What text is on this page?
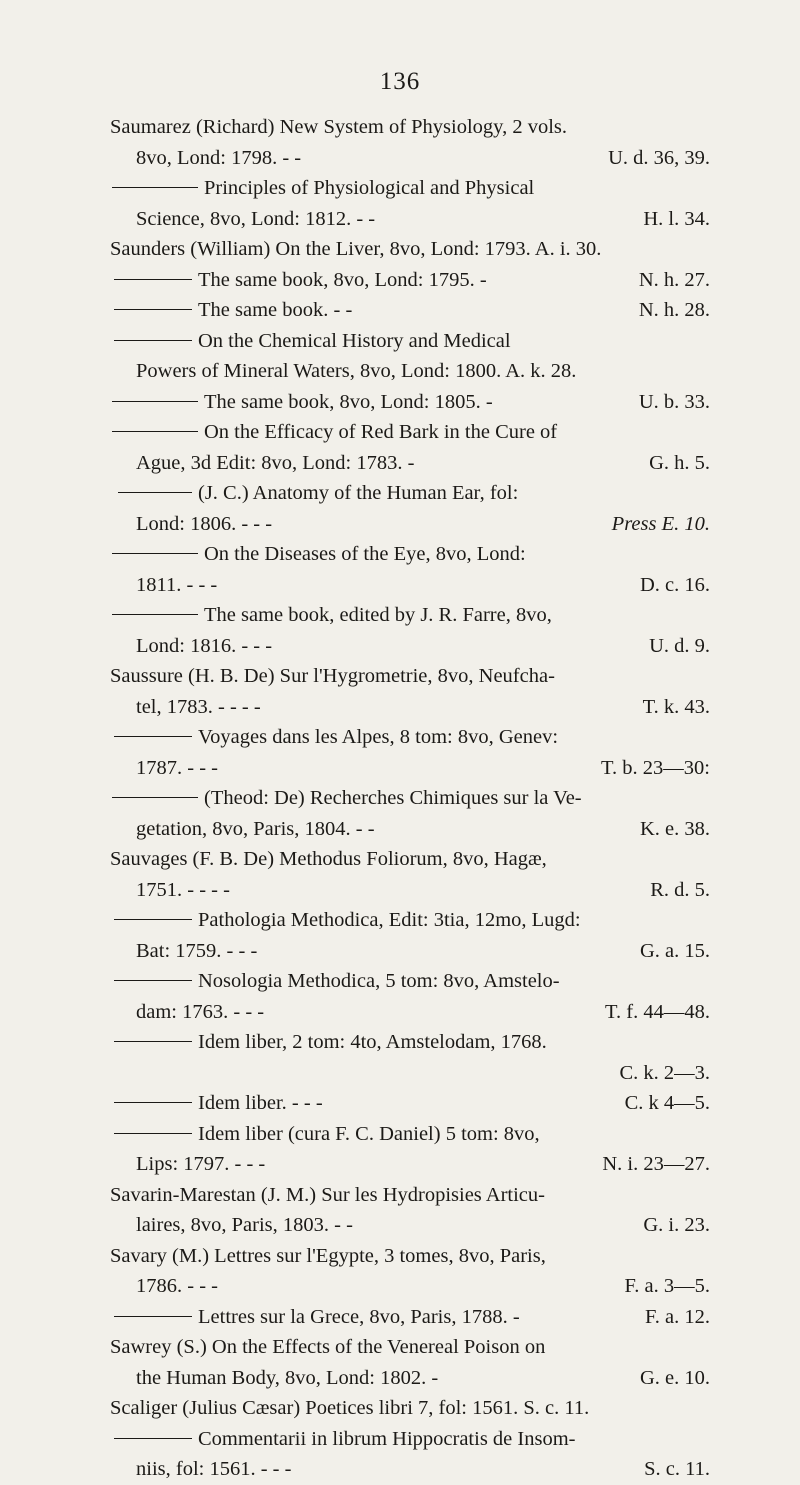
136

Saumarez (Richard) New System of Physiology, 2 vols.
8vo, Lond: 1798. - -	U. d. 36, 39.

Principles of Physiological and Physical
Science, 8vo, Lond: 1812. - -	H. l. 34.

Saunders (William) On the Liver, 8vo, Lond: 1793. A. i. 30.

The same book, 8vo, Lond: 1795. -	N. h. 27.

The same book. - -	N. h. 28.

On the Chemical History and Medical
Powers of Mineral Waters, 8vo, Lond: 1800. A. k. 28.

The same book, 8vo, Lond: 1805. -	U. b. 33.

On the Efficacy of Red Bark in the Cure of
Ague, 3d Edit: 8vo, Lond: 1783. -	G. h. 5.

(J. C.) Anatomy of the Human Ear, fol:
Lond: 1806. - - -	Press E. 10.

On the Diseases of the Eye, 8vo, Lond:
1811. - - -	D. c. 16.

The same book, edited by J. R. Farre, 8vo,
Lond: 1816. - - -	U. d. 9.

Saussure (H. B. De) Sur l'Hygrometrie, 8vo, Neufcha-
tel, 1783. - - - -	T. k. 43.

Voyages dans les Alpes, 8 tom: 8vo, Genev:
1787. - - -	T. b. 23—30:

(Theod: De) Recherches Chimiques sur la Ve-
getation, 8vo, Paris, 1804. - -	K. e. 38.

Sauvages (F. B. De) Methodus Foliorum, 8vo, Hagæ,
1751. - - - -	R. d. 5.

Pathologia Methodica, Edit: 3tia, 12mo, Lugd:
Bat: 1759. - - -	G. a. 15.

Nosologia Methodica, 5 tom: 8vo, Amstelo-
dam: 1763. - - -	T. f. 44—48.

Idem liber, 2 tom: 4to, Amstelodam, 1768.
C. k. 2—3.

Idem liber. - - -	C. k 4—5.

Idem liber (cura F. C. Daniel) 5 tom: 8vo,
Lips: 1797. - - -	N. i. 23—27.

Savarin-Marestan (J. M.) Sur les Hydropisies Articu-
laires, 8vo, Paris, 1803. - -	G. i. 23.

Savary (M.) Lettres sur l'Egypte, 3 tomes, 8vo, Paris,
1786. - - -	F. a. 3—5.

Lettres sur la Grece, 8vo, Paris, 1788. -	F. a. 12.

Sawrey (S.) On the Effects of the Venereal Poison on
the Human Body, 8vo, Lond: 1802. -	G. e. 10.

Scaliger (Julius Cæsar) Poetices libri 7, fol: 1561. S. c. 11.

Commentarii in librum Hippocratis de Insom-
niis, fol: 1561. - - -	S. c. 11.
